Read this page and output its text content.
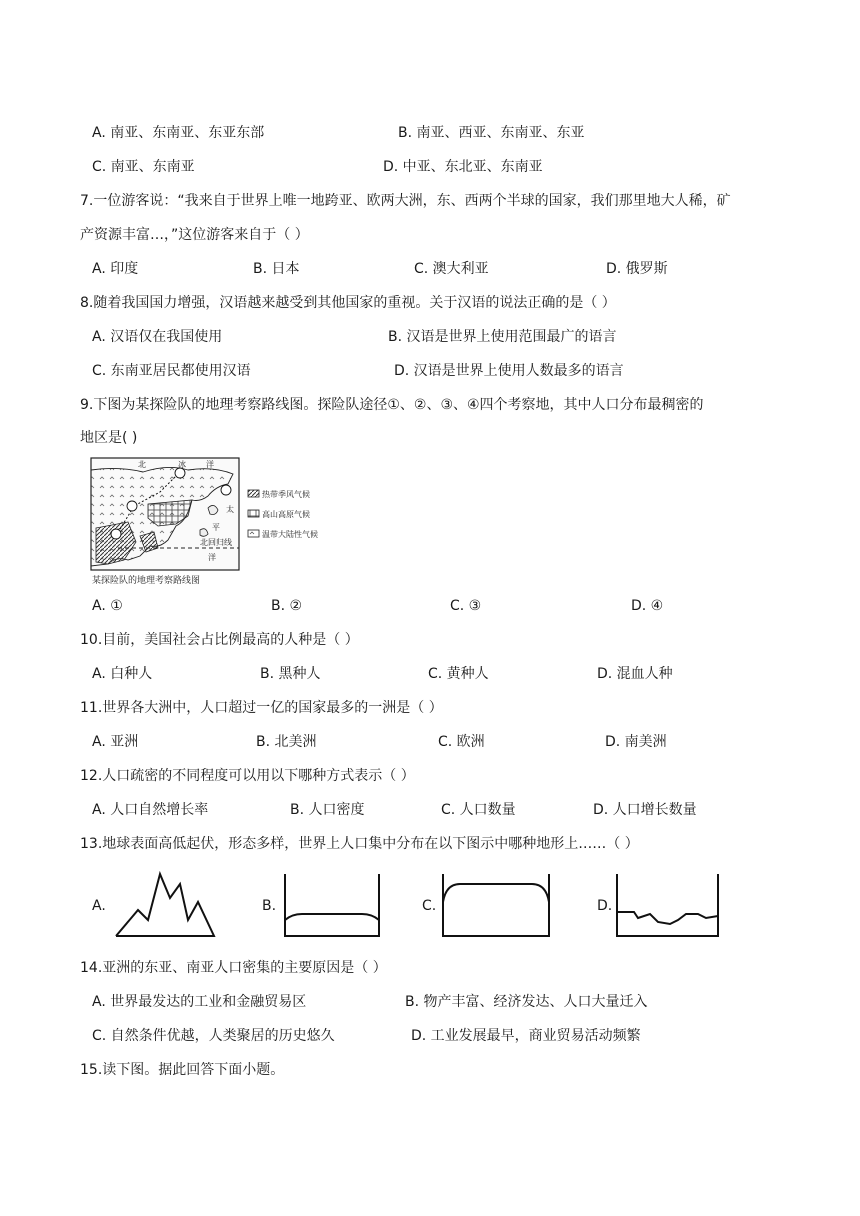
A. 南亚、东南亚、东亚东部	B. 南亚、西亚、东南亚、东亚
C. 南亚、东南亚	D. 中亚、东北亚、东南亚
7.一位游客说：“我来自于世界上唯一地跨亚、欧两大洲，东、西两个半球的国家，我们那里地大人稀，矿
产资源丰富…，”这位游客来自于（ ）
A. 印度	B. 日本	C. 澳大利亚	D. 俄罗斯
8.随着我国国力增强，汉语越来越受到其他国家的重视。关于汉语的说法正确的是（ ）
A. 汉语仅在我国使用	B. 汉语是世界上使用范围最广的语言
C. 东南亚居民都使用汉语	D. 汉语是世界上使用人数最多的语言
9.下图为某探险队的地理考察路线图。探险队途径①、②、③、④四个考察地，其中人口分布最稠密的
地区是( )
北	冰	洋
太
平
洋
北回归线
某探险队的地理考察路线图
热带季风气候
高山高原气候
温带大陆性气候
A. ①	B. ②	C. ③	D. ④
10.目前，美国社会占比例最高的人种是（ ）
A. 白种人	B. 黑种人	C. 黄种人	D. 混血人种
11.世界各大洲中，人口超过一亿的国家最多的一洲是（ ）
A. 亚洲	B. 北美洲	C. 欧洲	D. 南美洲
12.人口疏密的不同程度可以用以下哪种方式表示（ ）
A. 人口自然增长率	B. 人口密度	C. 人口数量	D. 人口增长数量
13.地球表面高低起伏，形态多样，世界上人口集中分布在以下图示中哪种地形上……（ ）
A.	B.	C.	D.
14.亚洲的东亚、南亚人口密集的主要原因是（ ）
A. 世界最发达的工业和金融贸易区	B. 物产丰富、经济发达、人口大量迁入
C. 自然条件优越，人类聚居的历史悠久	D. 工业发展最早，商业贸易活动频繁
15.读下图。据此回答下面小题。
